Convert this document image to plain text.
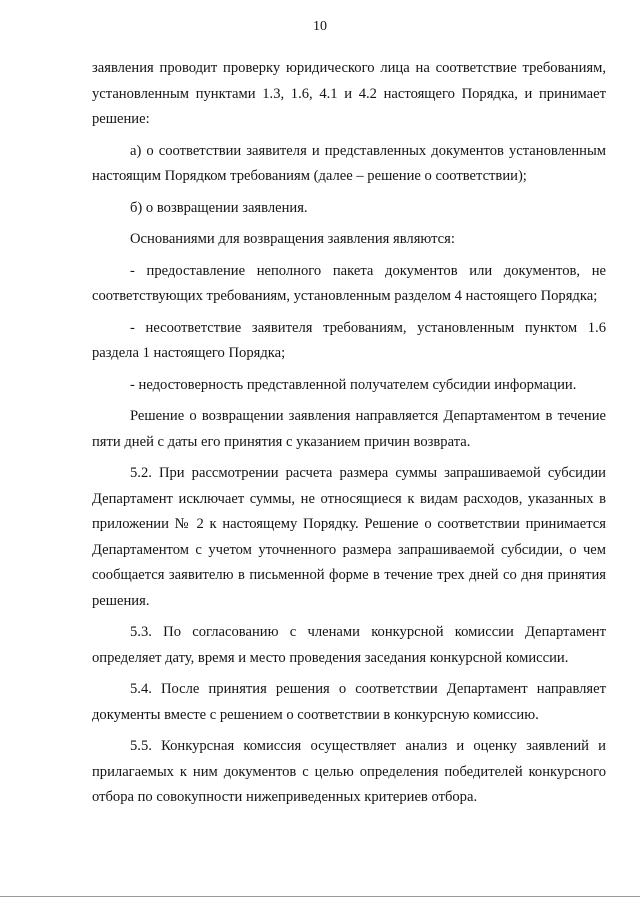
10

заявления проводит проверку юридического лица на соответствие требованиям, установленным пунктами 1.3, 1.6, 4.1 и 4.2 настоящего Порядка, и принимает решение:

а) о соответствии заявителя и представленных документов установленным настоящим Порядком требованиям (далее – решение о соответствии);

б) о возвращении заявления.

Основаниями для возвращения заявления являются:

- предоставление неполного пакета документов или документов, не соответствующих требованиям, установленным разделом 4 настоящего Порядка;

- несоответствие заявителя требованиям, установленным пунктом 1.6 раздела 1 настоящего Порядка;

- недостоверность представленной получателем субсидии информации.

Решение о возвращении заявления направляется Департаментом в течение пяти дней с даты его принятия с указанием причин возврата.

5.2. При рассмотрении расчета размера суммы запрашиваемой субсидии Департамент исключает суммы, не относящиеся к видам расходов, указанных в приложении № 2 к настоящему Порядку. Решение о соответствии принимается Департаментом с учетом уточненного размера запрашиваемой субсидии, о чем сообщается заявителю в письменной форме в течение трех дней со дня принятия решения.

5.3. По согласованию с членами конкурсной комиссии Департамент определяет дату, время и место проведения заседания конкурсной комиссии.

5.4. После принятия решения о соответствии Департамент направляет документы вместе с решением о соответствии в конкурсную комиссию.

5.5. Конкурсная комиссия осуществляет анализ и оценку заявлений и прилагаемых к ним документов с целью определения победителей конкурсного отбора по совокупности нижеприведенных критериев отбора.
